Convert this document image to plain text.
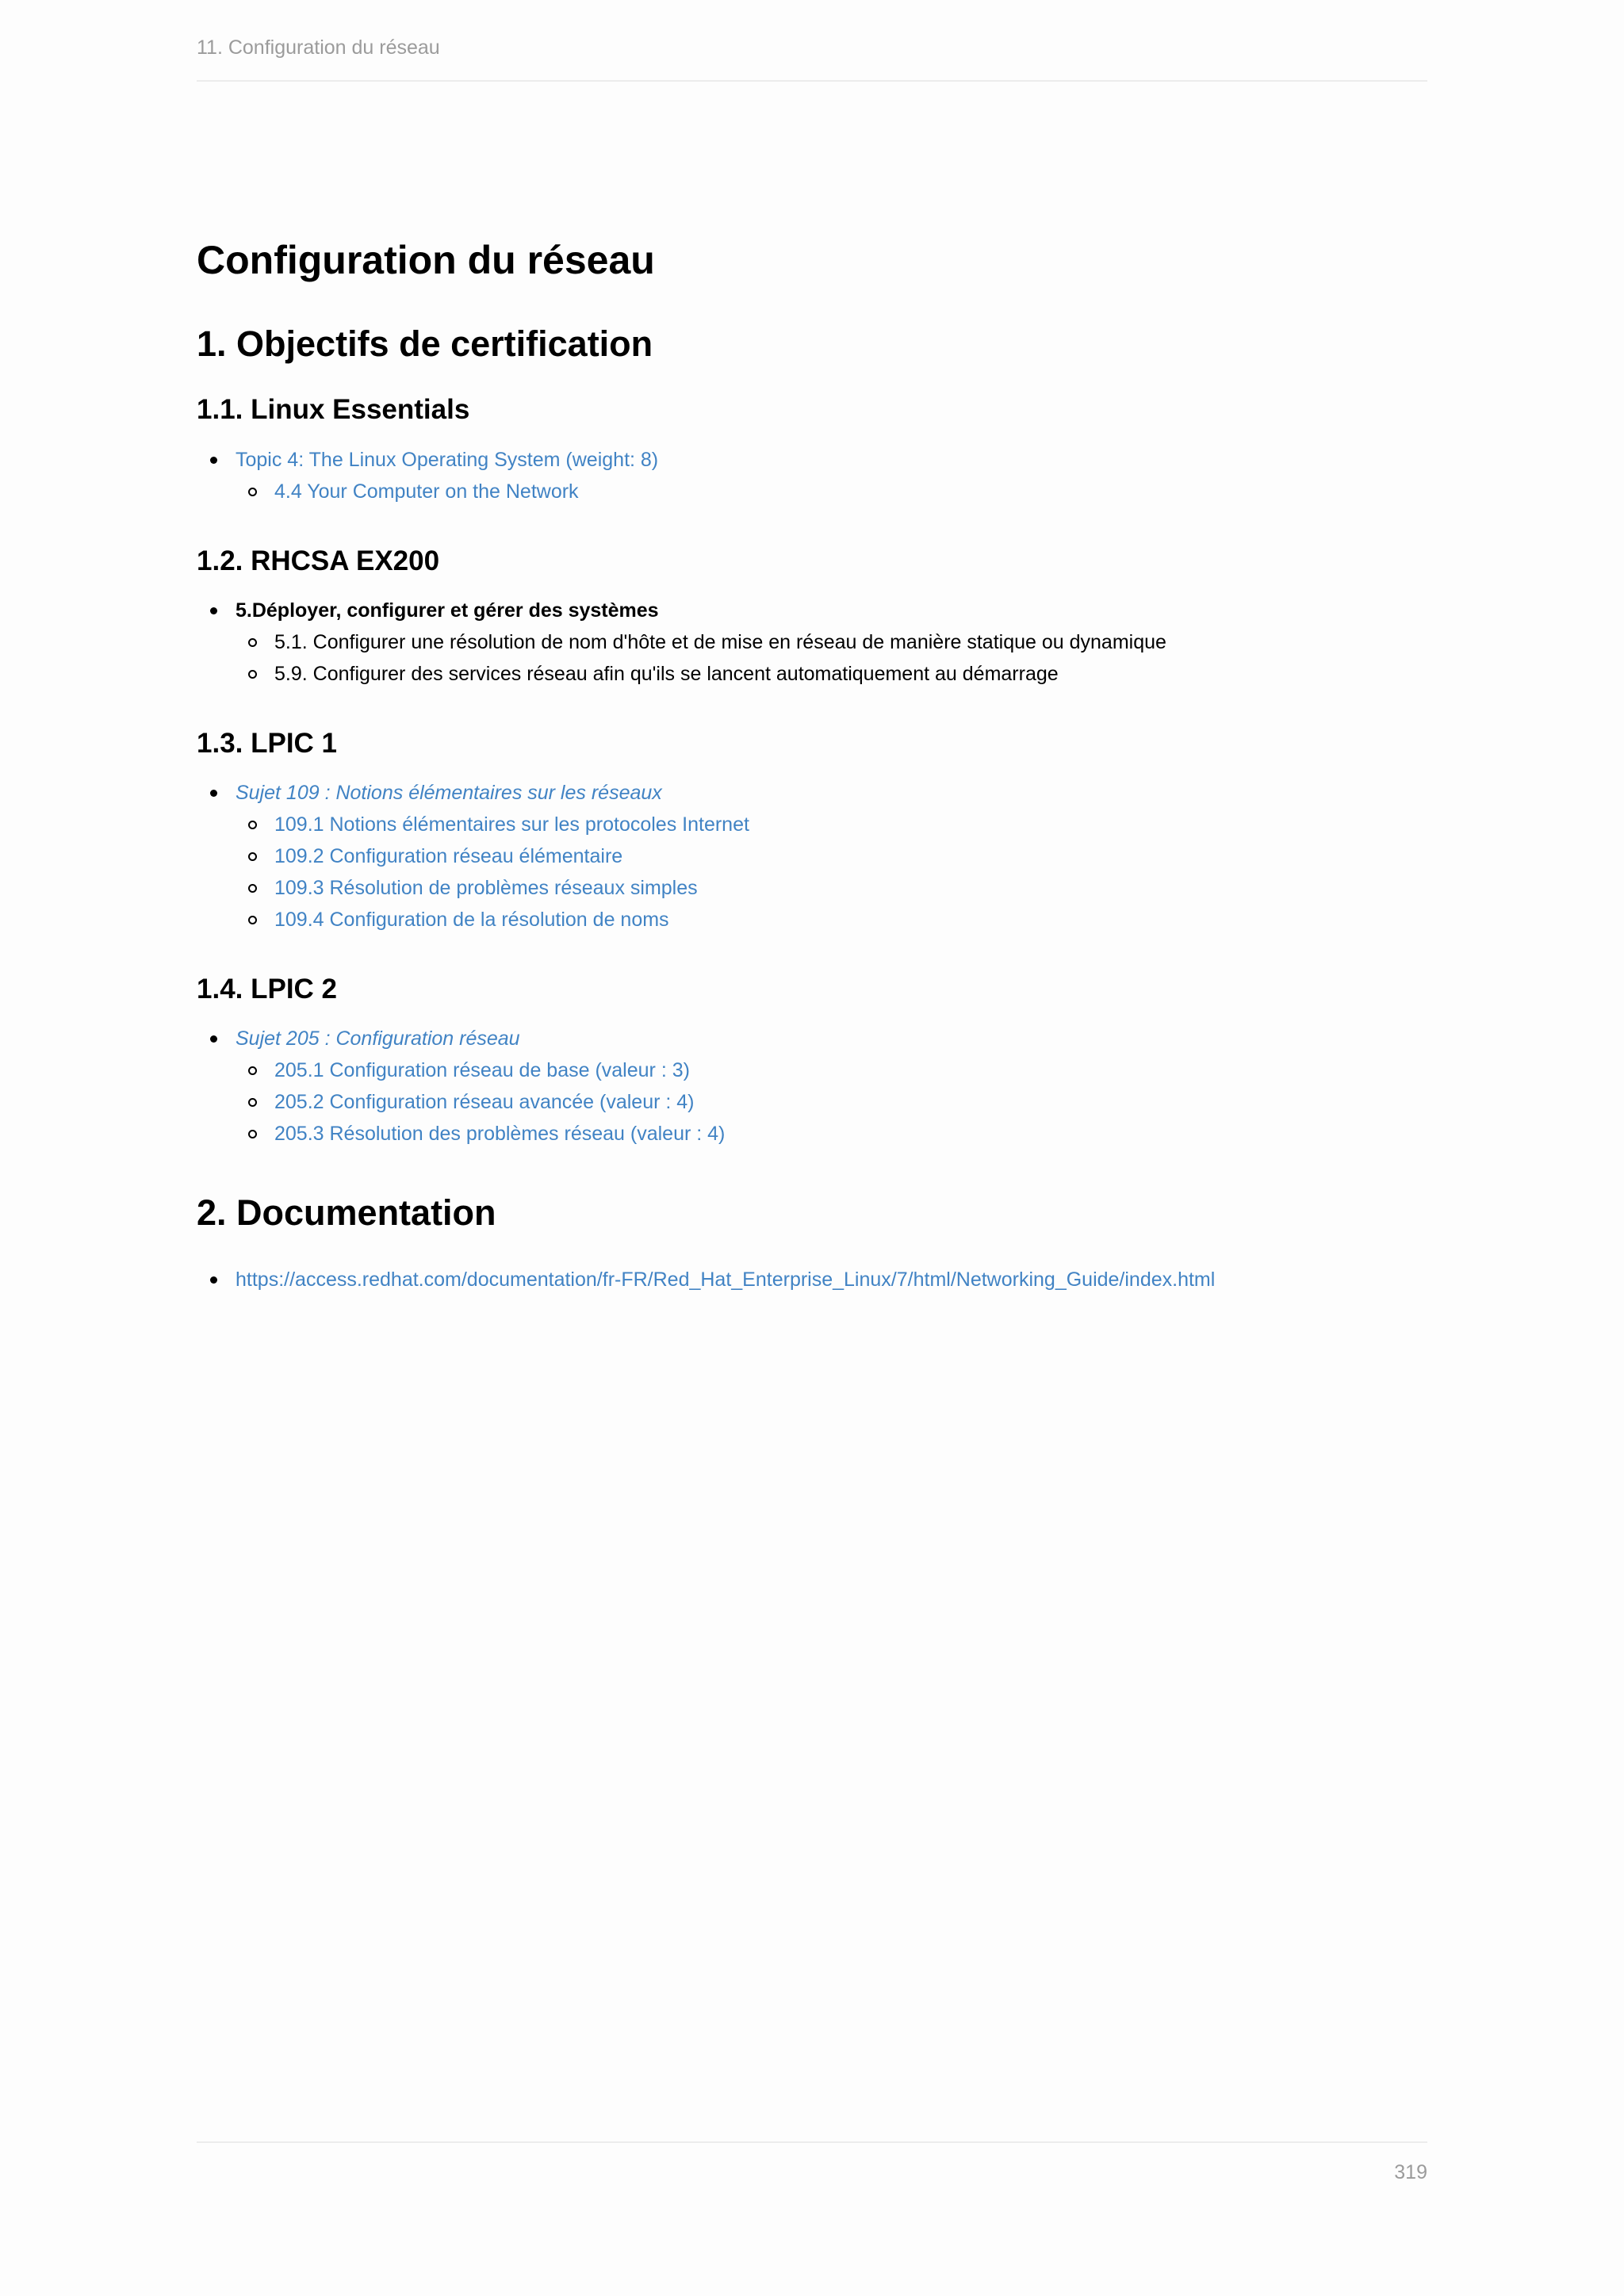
11. Configuration du réseau
Configuration du réseau
1. Objectifs de certification
1.1. Linux Essentials
Topic 4: The Linux Operating System (weight: 8)
4.4 Your Computer on the Network
1.2. RHCSA EX200
5.Déployer, configurer et gérer des systèmes
5.1. Configurer une résolution de nom d'hôte et de mise en réseau de manière statique ou dynamique
5.9. Configurer des services réseau afin qu'ils se lancent automatiquement au démarrage
1.3. LPIC 1
Sujet 109 : Notions élémentaires sur les réseaux
109.1 Notions élémentaires sur les protocoles Internet
109.2 Configuration réseau élémentaire
109.3 Résolution de problèmes réseaux simples
109.4 Configuration de la résolution de noms
1.4. LPIC 2
Sujet 205 : Configuration réseau
205.1 Configuration réseau de base (valeur : 3)
205.2 Configuration réseau avancée (valeur : 4)
205.3 Résolution des problèmes réseau (valeur : 4)
2. Documentation
https://access.redhat.com/documentation/fr-FR/Red_Hat_Enterprise_Linux/7/html/Networking_Guide/index.html
319
